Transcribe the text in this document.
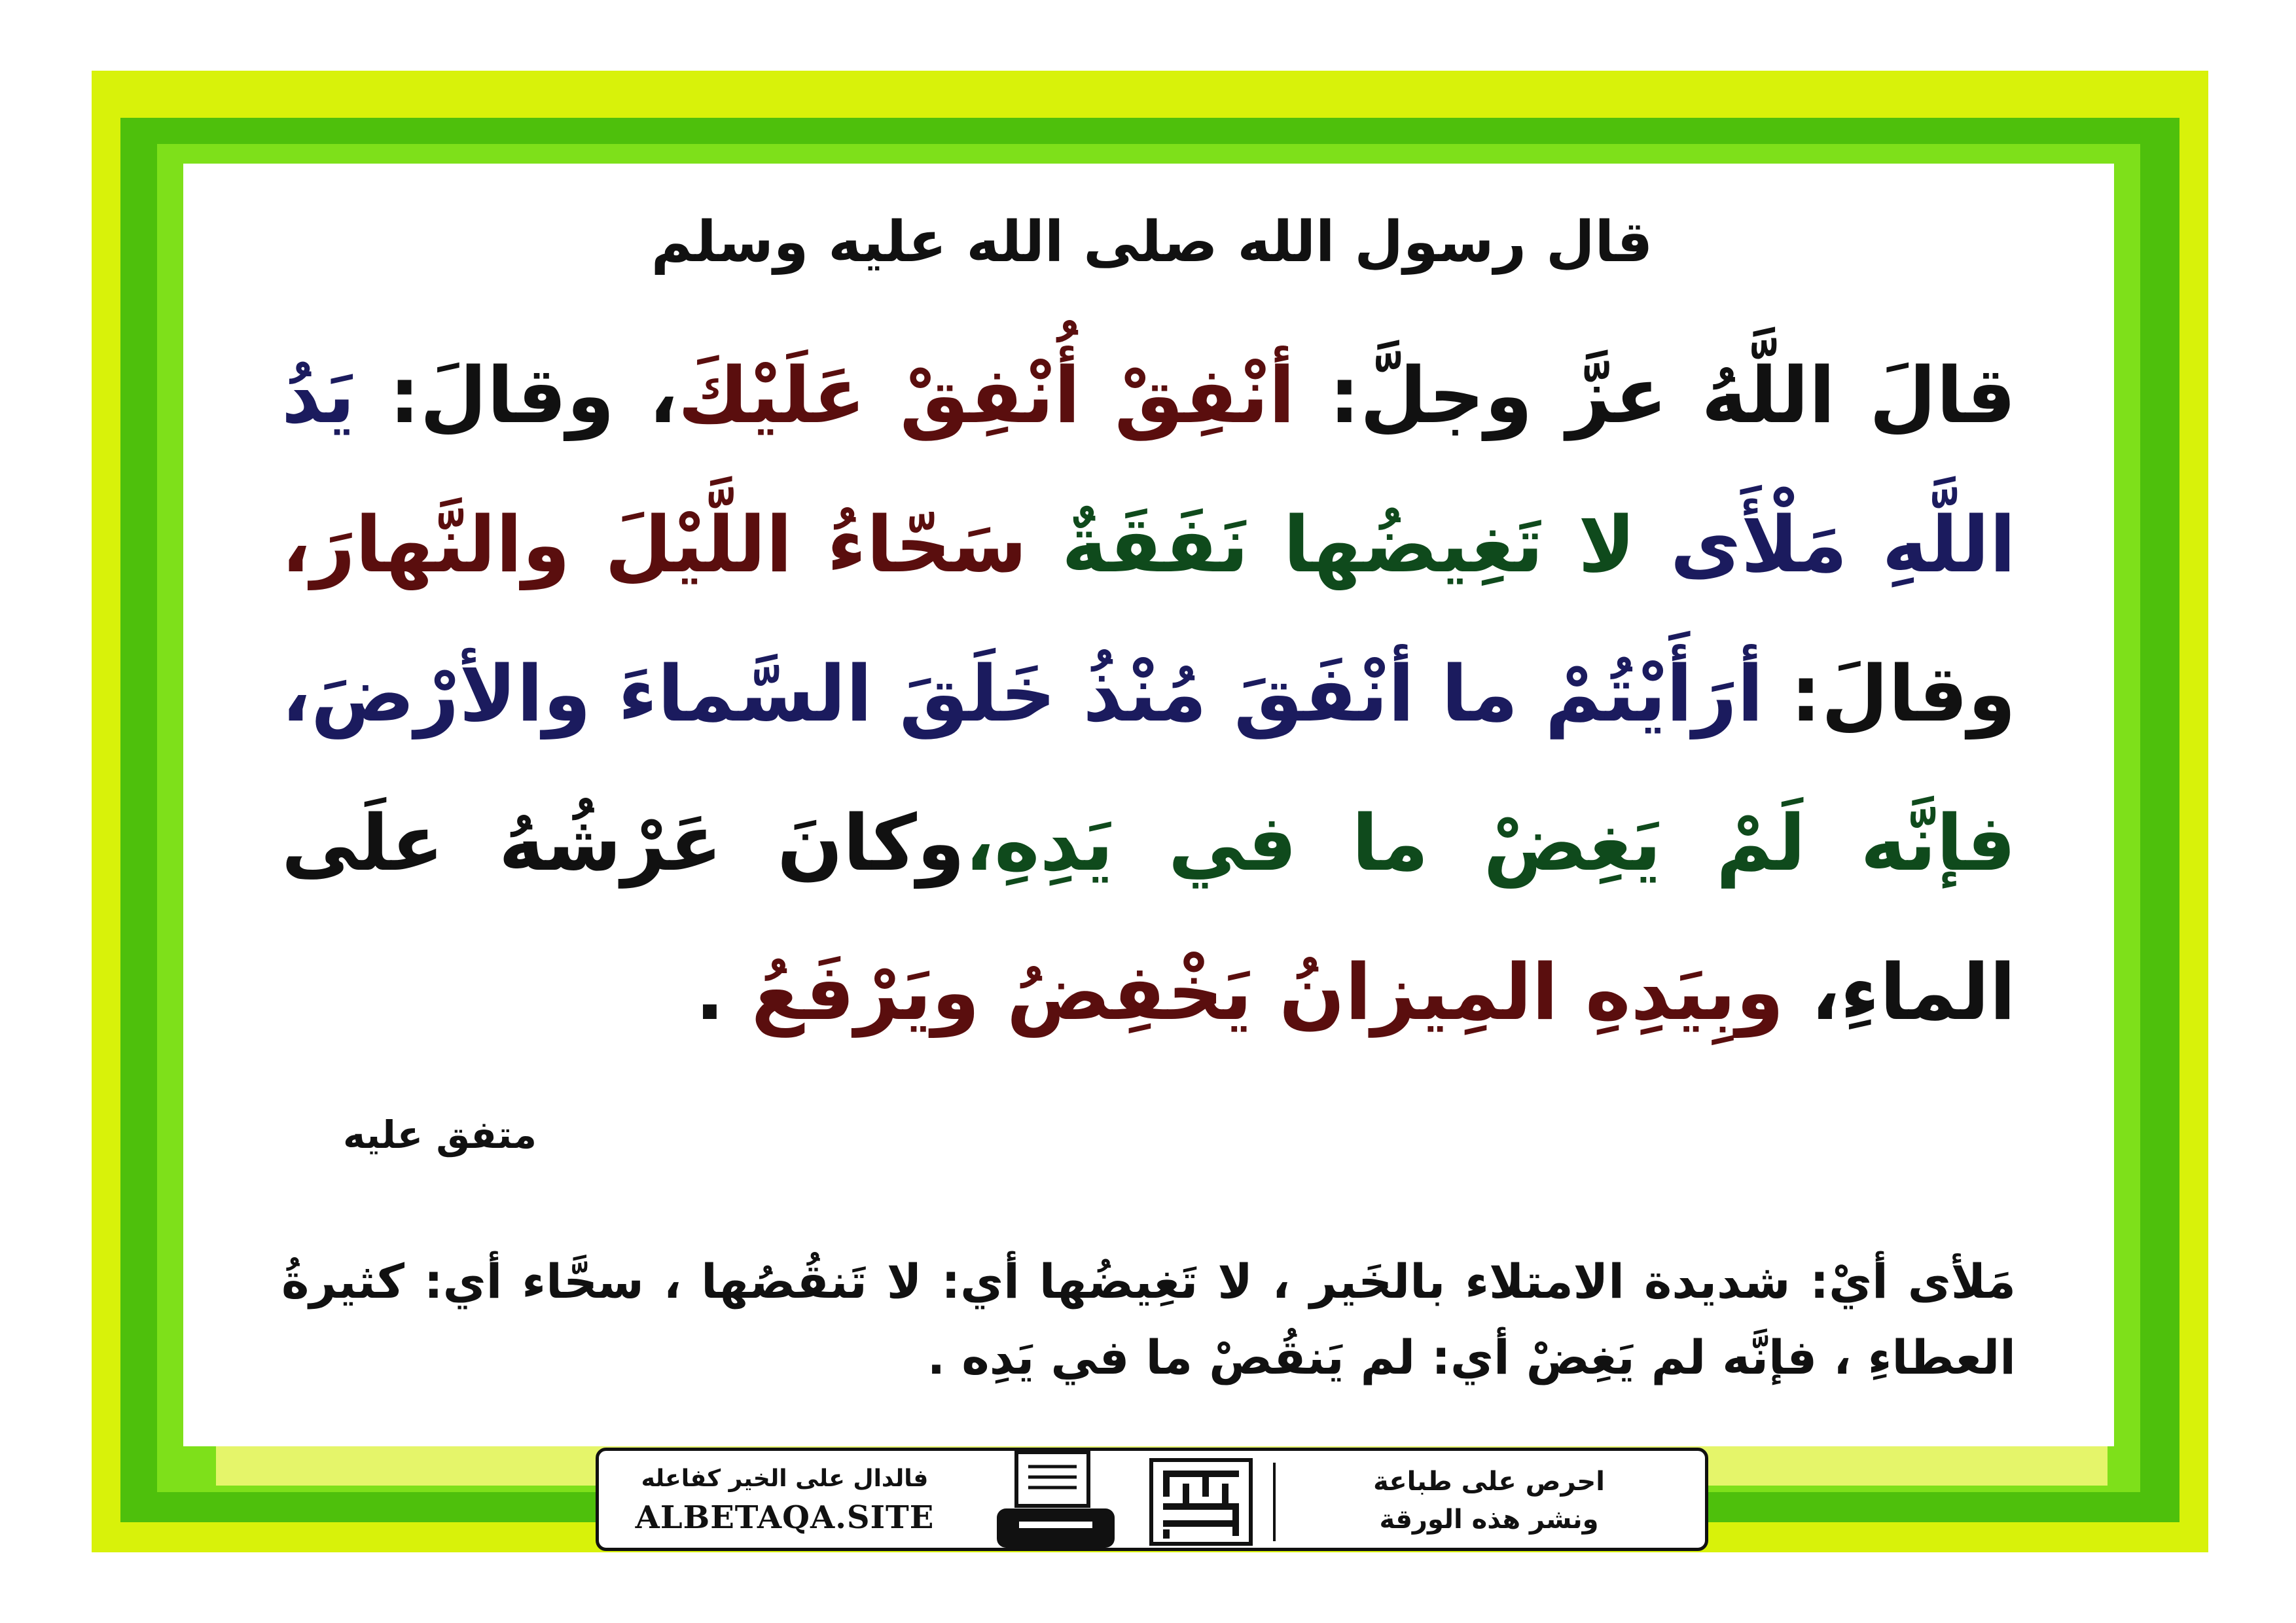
قال رسول الله صلى الله عليه وسلم
قالَ اللَّهُ عزَّ وجلَّ: أنْفِقْ أُنْفِقْ عَلَيْكَ، وقالَ: يَدُ اللَّهِ مَلْأَى لا تَغِيضُها نَفَقَةٌ سَحّاءُ اللَّيْلَ والنَّهارَ، وقالَ: أرَأَيْتُمْ ما أنْفَقَ مُنْذُ خَلَقَ السَّماءَ والأرْضَ، فإنَّه لَمْ يَغِضْ ما في يَدِهِ،وكانَ عَرْشُهُ علَى الماءِ، وبِيَدِهِ المِيزانُ يَخْفِضُ ويَرْفَعُ .
متفق عليه
مَلأى أيْ: شديدة الامتلاء بالخَير ، لا تَغِيضُها أي: لا تَنقُصُها ، سحَّاء أي: كثيرةُ العطاءِ ، فإنَّه لم يَغِضْ أي: لم يَنقُصْ ما في يَدِه .
فالدال على الخير كفاعله
ALBETAQA.SITE
احرص على طباعة
ونشر هذه الورقة
